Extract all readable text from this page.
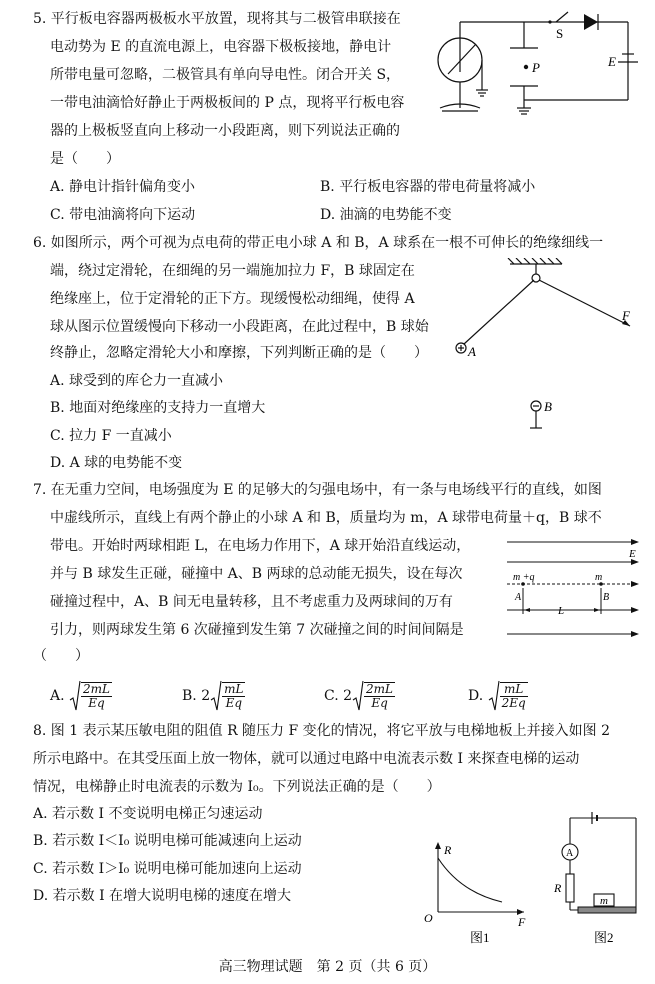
5. 平行板电容器两极板水平放置，现将其与二极管串联接在
电动势为 E 的直流电源上，电容器下极板接地，静电计
所带电量可忽略，二极管具有单向导电性。闭合开关 S，
一带电油滴恰好静止于两极板间的 P 点，现将平行板电容
器的上极板竖直向上移动一小段距离，则下列说法正确的
是（　　）
A. 静电计指针偏角变小	B. 平行板电容器的带电荷量将减小
C. 带电油滴将向下运动	D. 油滴的电势能不变
P
S
E
6. 如图所示，两个可视为点电荷的带正电小球 A 和 B，A 球系在一根不可伸长的绝缘细线一
端，绕过定滑轮，在细绳的另一端施加拉力 F，B 球固定在
绝缘座上，位于定滑轮的正下方。现缓慢松动细绳，使得 A
球从图示位置缓慢向下移动一小段距离，在此过程中，B 球始
终静止，忽略定滑轮大小和摩擦，下列判断正确的是（　　）
A. 球受到的库仑力一直减小
B. 地面对绝缘座的支持力一直增大
C. 拉力 F 一直减小
D. A 球的电势能不变
F
A
B
7. 在无重力空间，电场强度为 E 的足够大的匀强电场中，有一条与电场线平行的直线，如图
中虚线所示，直线上有两个静止的小球 A 和 B，质量均为 m，A 球带电荷量＋q，B 球不
带电。开始时两球相距 L，在电场力作用下，A 球开始沿直线运动，
并与 B 球发生正碰，碰撞中 A、B 两球的总动能无损失，设在每次
碰撞过程中，A、B 间无电量转移，且不考虑重力及两球间的万有
引力，则两球发生第 6 次碰撞到发生第 7 次碰撞之间的时间间隔是
（　　）
A. $\frac{2mL}{Eq}$	B. $2 \frac{mL}{Eq}$	C. $2 \frac{2mL}{Eq}$	D. $\frac{mL}{2Eq}$
E
m +q	m
A	B
L
8. 图 1 表示某压敏电阻的阻值 R 随压力 F 变化的情况，将它平放与电梯地板上并接入如图 2
所示电路中。在其受压面上放一物体，就可以通过电路中电流表示数 I 来探查电梯的运动
情况，电梯静止时电流表的示数为 I₀。下列说法正确的是（　　）
A. 若示数 I 不变说明电梯正匀速运动
B. 若示数 I＜I₀ 说明电梯可能减速向上运动
C. 若示数 I＞I₀ 说明电梯可能加速向上运动
D. 若示数 I 在增大说明电梯的速度在增大
R
O	F
图1
A
R
m
图2
高三物理试题　第 2 页（共 6 页）
